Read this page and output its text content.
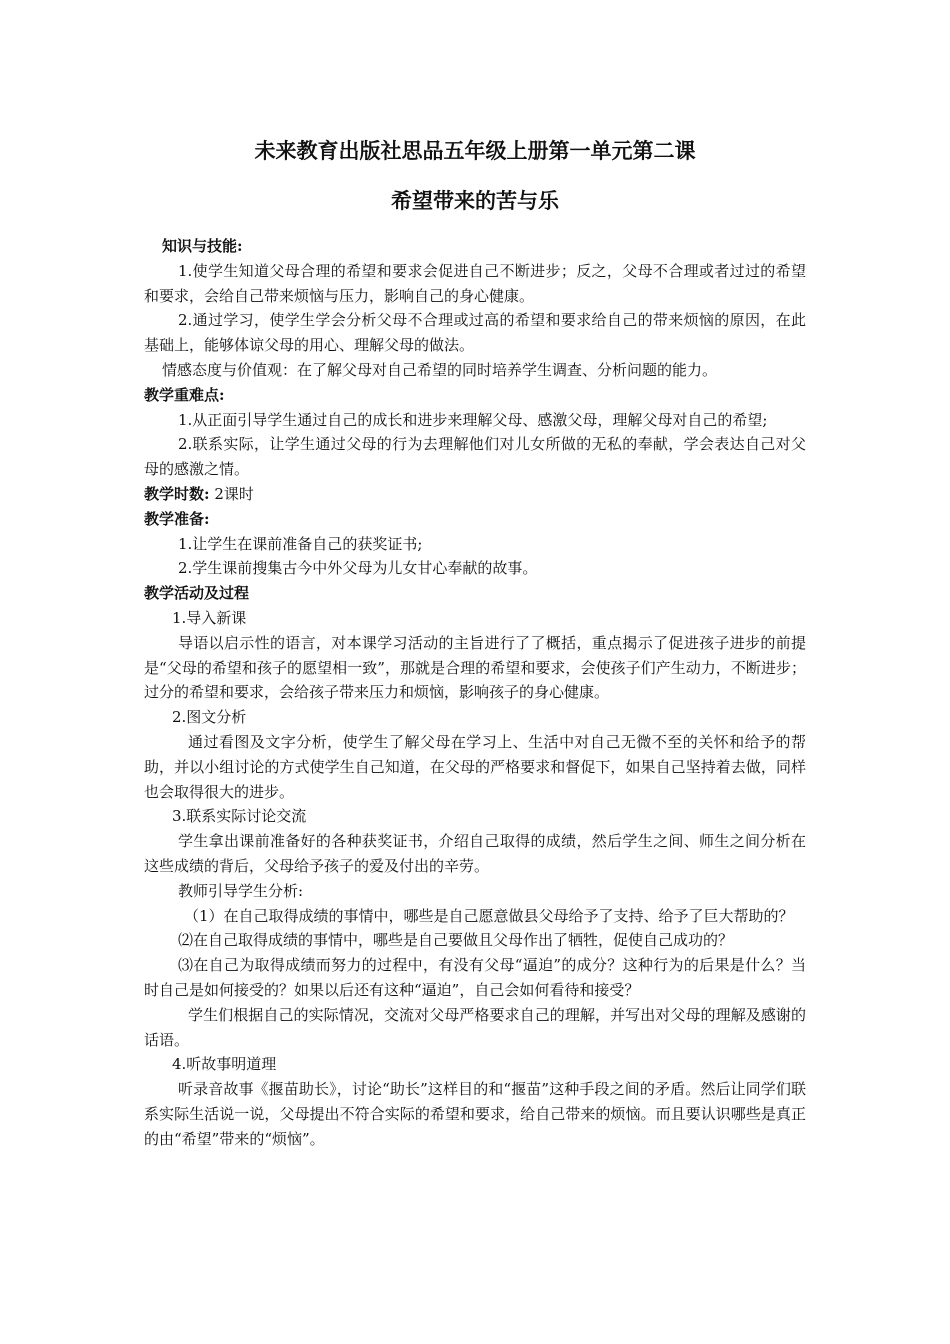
未来教育出版社思品五年级上册第一单元第二课
希望带来的苦与乐

知识与技能:

1.使学生知道父母合理的希望和要求会促进自己不断进步；反之，父母不合理或者过过的希望和要求，会给自己带来烦恼与压力，影响自己的身心健康。

2.通过学习，使学生学会分析父母不合理或过高的希望和要求给自己的带来烦恼的原因，在此基础上，能够体谅父母的用心、理解父母的做法。

情感态度与价值观：在了解父母对自己希望的同时培养学生调查、分析问题的能力。

教学重难点:

1.从正面引导学生通过自己的成长和进步来理解父母、感激父母，理解父母对自己的希望;

2.联系实际，让学生通过父母的行为去理解他们对儿女所做的无私的奉献，学会表达自己对父母的感激之情。

教学时数: 2课时

教学准备:

1.让学生在课前准备自己的获奖证书;

2.学生课前搜集古今中外父母为儿女甘心奉献的故事。

教学活动及过程

1.导入新课

导语以启示性的语言，对本课学习活动的主旨进行了了概括，重点揭示了促进孩子进步的前提是“父母的希望和孩子的愿望相一致”，那就是合理的希望和要求，会使孩子们产生动力，不断进步；过分的希望和要求，会给孩子带来压力和烦恼，影响孩子的身心健康。

2.图文分析

通过看图及文字分析，使学生了解父母在学习上、生活中对自己无微不至的关怀和给予的帮助，并以小组讨论的方式使学生自己知道，在父母的严格要求和督促下，如果自己坚持着去做，同样也会取得很大的进步。

3.联系实际讨论交流

学生拿出课前准备好的各种获奖证书，介绍自己取得的成绩，然后学生之间、师生之间分析在这些成绩的背后，父母给予孩子的爱及付出的辛劳。

教师引导学生分析:

（1）在自己取得成绩的事情中，哪些是自己愿意做县父母给予了支持、给予了巨大帮助的？

⑵在自己取得成绩的事情中，哪些是自己要做且父母作出了牺牲，促使自己成功的？

⑶在自己为取得成绩而努力的过程中，有没有父母“逼迫”的成分？这种行为的后果是什么？当时自己是如何接受的？如果以后还有这种“逼迫”，自己会如何看待和接受？

学生们根据自己的实际情况，交流对父母严格要求自己的理解，并写出对父母的理解及感谢的话语。

4.听故事明道理

听录音故事《揠苗助长》，讨论“助长”这样目的和“揠苗”这种手段之间的矛盾。然后让同学们联系实际生活说一说，父母提出不符合实际的希望和要求，给自己带来的烦恼。而且要认识哪些是真正的由“希望”带来的“烦恼”。
